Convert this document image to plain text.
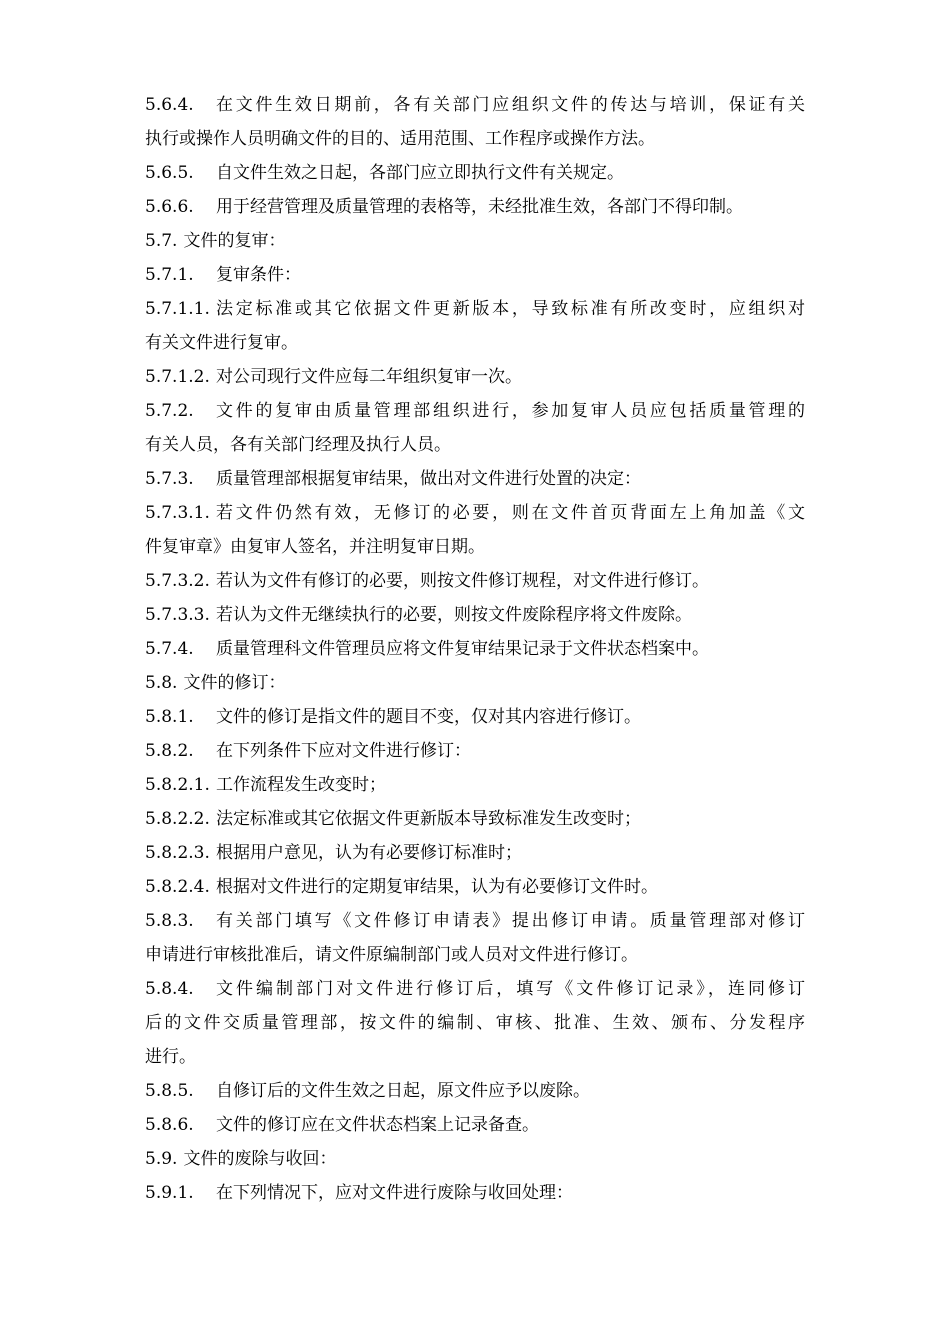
5.6.4.	在文件生效日期前，各有关部门应组织文件的传达与培训，保证有关
执行或操作人员明确文件的目的、适用范围、工作程序或操作方法。
5.6.5.	自文件生效之日起，各部门应立即执行文件有关规定。
5.6.6.	用于经营管理及质量管理的表格等，未经批准生效，各部门不得印制。
5.7. 文件的复审：
5.7.1.	复审条件：
5.7.1.1. 法定标准或其它依据文件更新版本，导致标准有所改变时，应组织对
有关文件进行复审。
5.7.1.2. 对公司现行文件应每二年组织复审一次。
5.7.2.	文件的复审由质量管理部组织进行，参加复审人员应包括质量管理的
有关人员，各有关部门经理及执行人员。
5.7.3.	质量管理部根据复审结果，做出对文件进行处置的决定：
5.7.3.1. 若文件仍然有效，无修订的必要，则在文件首页背面左上角加盖《文
件复审章》由复审人签名，并注明复审日期。
5.7.3.2. 若认为文件有修订的必要，则按文件修订规程，对文件进行修订。
5.7.3.3. 若认为文件无继续执行的必要，则按文件废除程序将文件废除。
5.7.4.	质量管理科文件管理员应将文件复审结果记录于文件状态档案中。
5.8. 文件的修订：
5.8.1.	文件的修订是指文件的题目不变，仅对其内容进行修订。
5.8.2.	在下列条件下应对文件进行修订：
5.8.2.1. 工作流程发生改变时；
5.8.2.2. 法定标准或其它依据文件更新版本导致标准发生改变时；
5.8.2.3. 根据用户意见，认为有必要修订标准时；
5.8.2.4. 根据对文件进行的定期复审结果，认为有必要修订文件时。
5.8.3.	有关部门填写《文件修订申请表》提出修订申请。质量管理部对修订
申请进行审核批准后，请文件原编制部门或人员对文件进行修订。
5.8.4.	文件编制部门对文件进行修订后，填写《文件修订记录》，连同修订
后的文件交质量管理部，按文件的编制、审核、批准、生效、颁布、分发程序
进行。
5.8.5.	自修订后的文件生效之日起，原文件应予以废除。
5.8.6.	文件的修订应在文件状态档案上记录备查。
5.9. 文件的废除与收回：
5.9.1.	在下列情况下，应对文件进行废除与收回处理：
